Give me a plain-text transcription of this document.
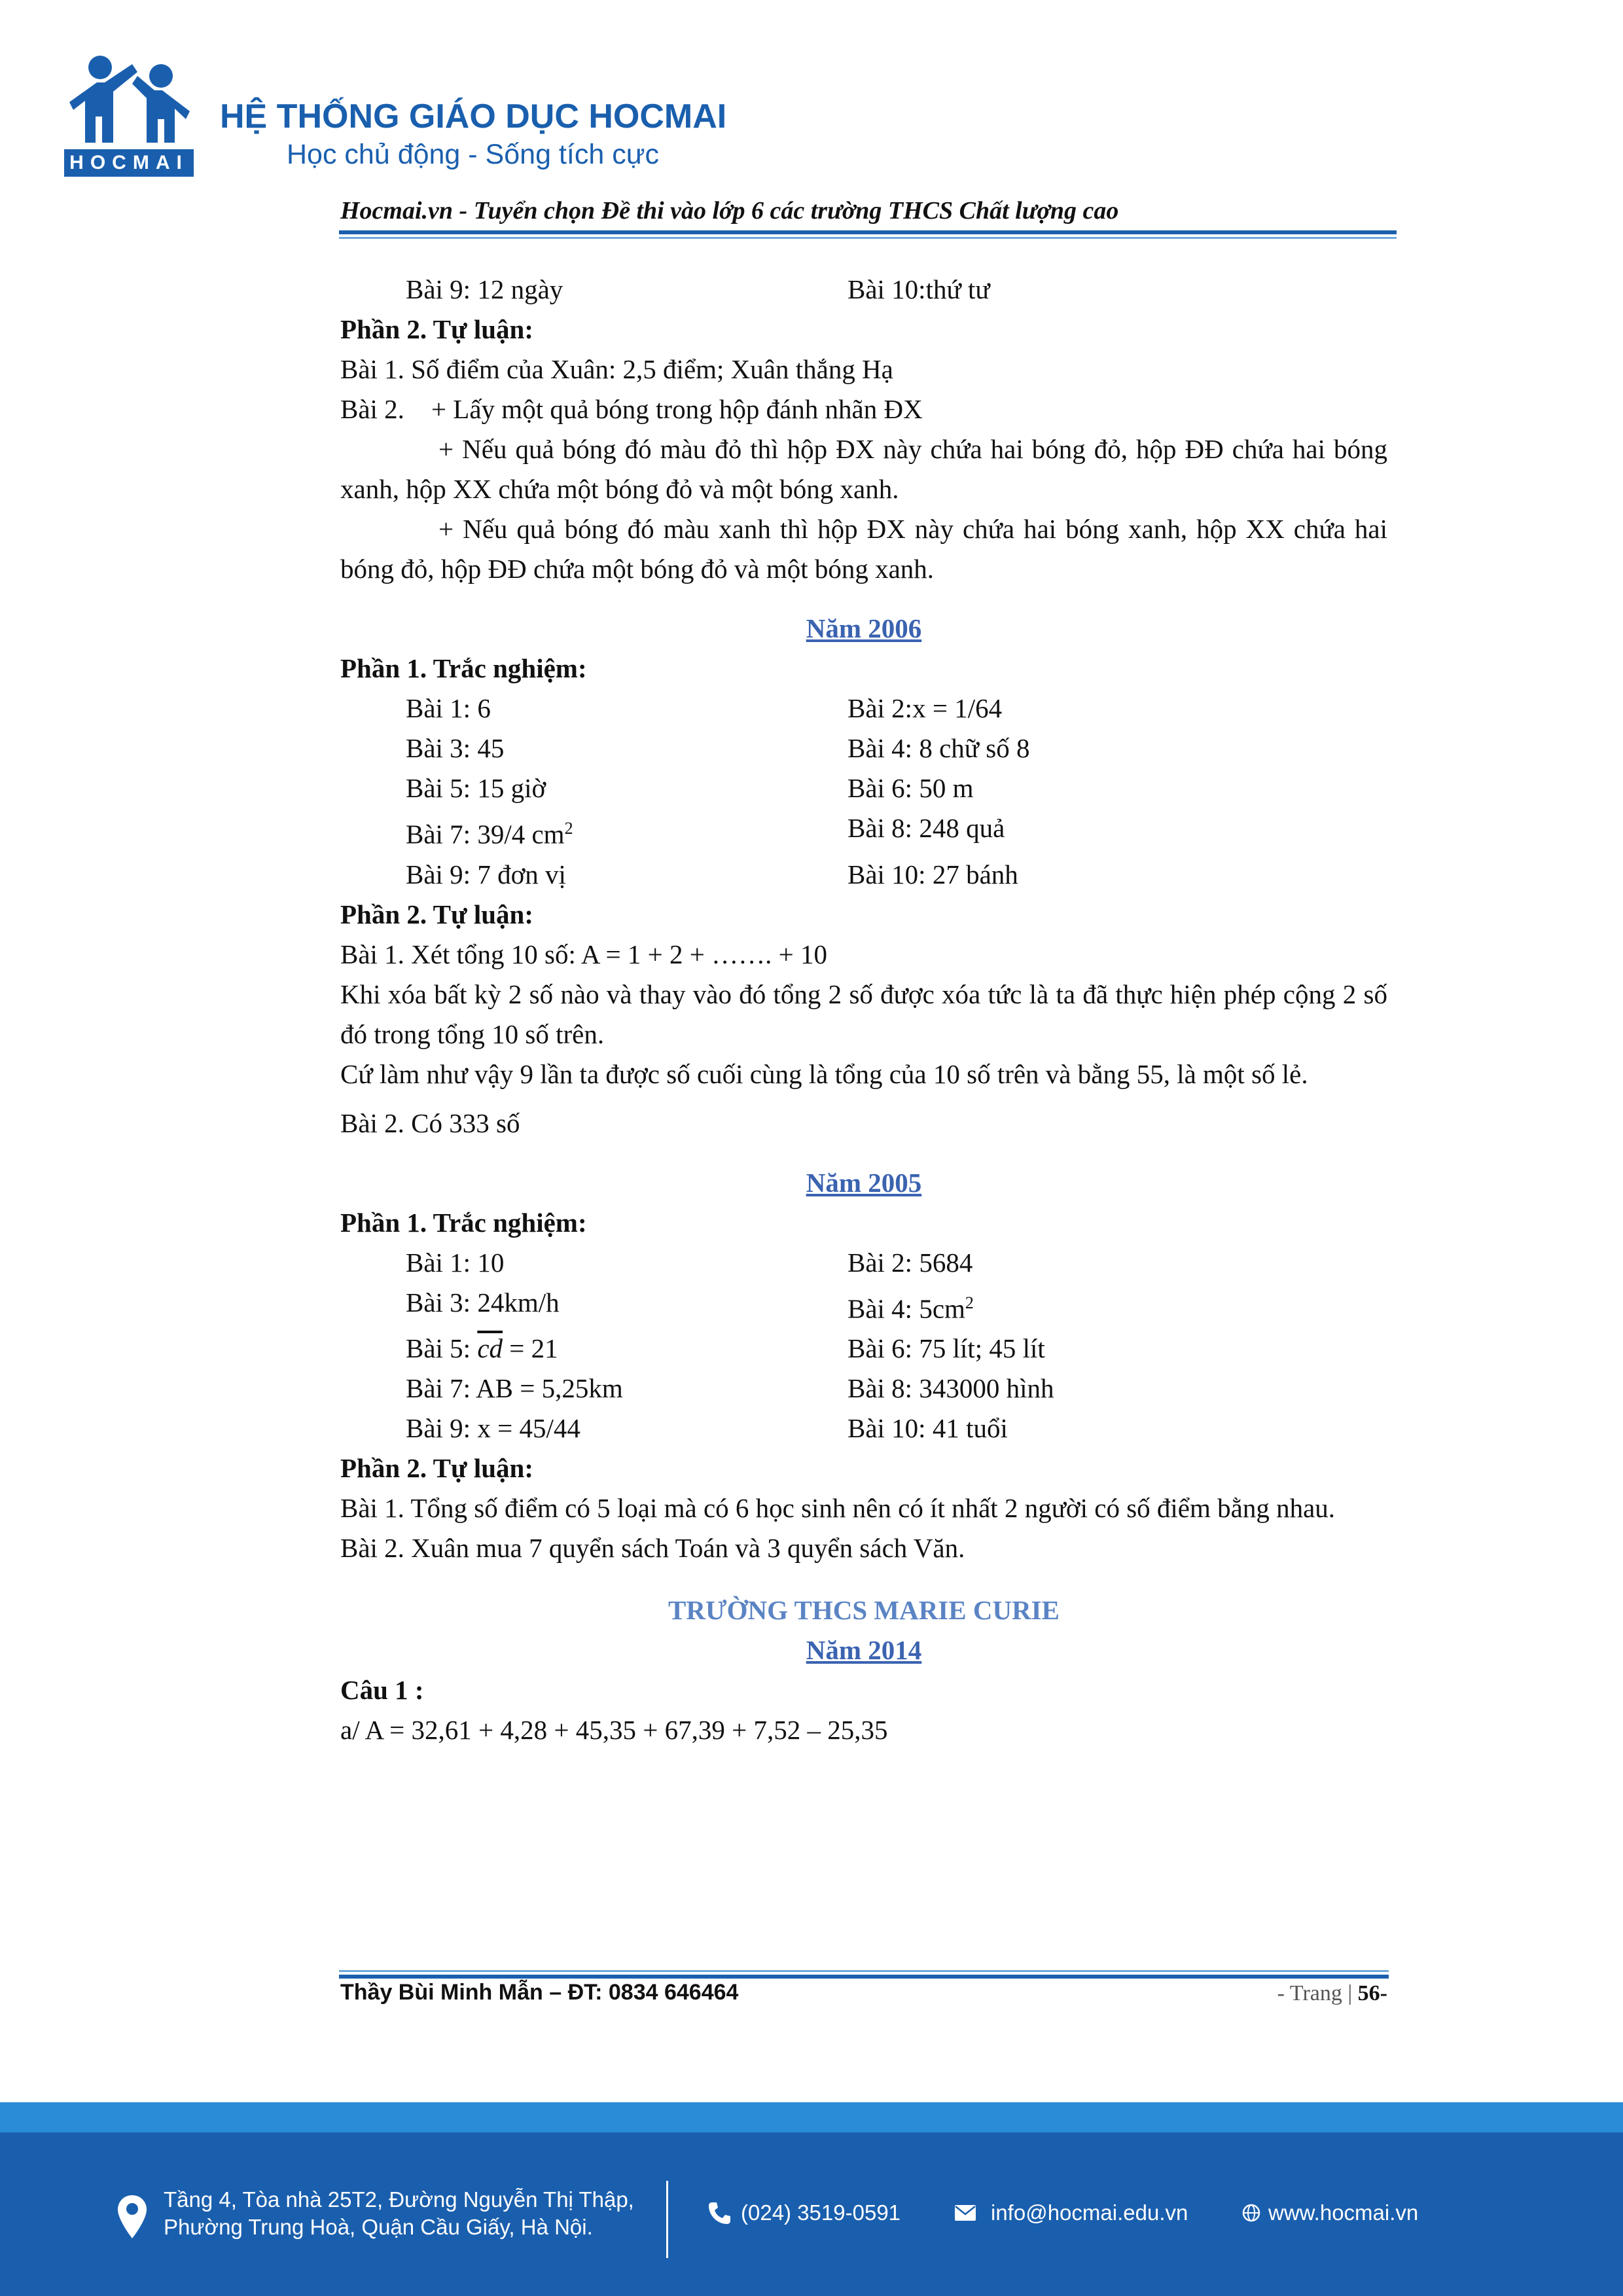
HOCMAI
HỆ THỐNG GIÁO DỤC HOCMAI
Học chủ động - Sống tích cực
Hocmai.vn - Tuyển chọn Đề thi vào lớp 6 các trường THCS Chất lượng cao
Bài 9: 12 ngày	Bài 10:thứ tư

Phần 2. Tự luận:

Bài 1. Số điểm của Xuân: 2,5 điểm; Xuân thắng Hạ

Bài 2.    + Lấy một quả bóng trong hộp đánh nhãn ĐX

+ Nếu quả bóng đó màu đỏ thì hộp ĐX này chứa hai bóng đỏ, hộp ĐĐ chứa hai bóng xanh, hộp XX chứa một bóng đỏ và một bóng xanh.

+ Nếu quả bóng đó màu xanh thì hộp ĐX này chứa hai bóng xanh, hộp XX chứa hai bóng đỏ, hộp ĐĐ chứa một bóng đỏ và một bóng xanh.

Năm 2006

Phần 1. Trắc nghiệm:

Bài 1: 6	Bài 2:x = 1/64
Bài 3: 45	Bài 4: 8 chữ số 8
Bài 5: 15 giờ	Bài 6: 50 m
Bài 7: 39/4 $cm^2$	Bài 8: 248 quả
Bài 9: 7 đơn vị	Bài 10: 27 bánh

Phần 2. Tự luận:

Bài 1. Xét tổng 10 số: A = 1 + 2 + ……. + 10

Khi xóa bất kỳ 2 số nào và thay vào đó tổng 2 số được xóa tức là ta đã thực hiện phép cộng 2 số đó trong tổng 10 số trên.

Cứ làm như vậy 9 lần ta được số cuối cùng là tổng của 10 số trên và bằng 55, là một số lẻ.

Bài 2. Có 333 số

Năm 2005

Phần 1. Trắc nghiệm:

Bài 1: 10	Bài 2: 5684
Bài 3: 24km/h	Bài 4: $5cm^2$
Bài 5: $\overline{cd} = 21$	Bài 6: 75 lít; 45 lít
Bài 7: AB = 5,25km	Bài 8: 343000 hình
Bài 9: x = 45/44	Bài 10: 41 tuổi

Phần 2. Tự luận:

Bài 1. Tổng số điểm có 5 loại mà có 6 học sinh nên có ít nhất 2 người có số điểm bằng nhau.

Bài 2. Xuân mua 7 quyển sách Toán và 3 quyển sách Văn.

TRƯỜNG THCS MARIE CURIE

Năm 2014

Câu 1 :

a/ A = 32,61 + 4,28 + 45,35 + 67,39 + 7,52 – 25,35

Thầy Bùi Minh Mẫn – ĐT: 0834 646464	- Trang | 56-
Tầng 4, Tòa nhà 25T2, Đường Nguyễn Thị Thập,
Phường Trung Hoà, Quận Cầu Giấy, Hà Nội.
(024) 3519-0591	info@hocmai.edu.vn	www.hocmai.vn
